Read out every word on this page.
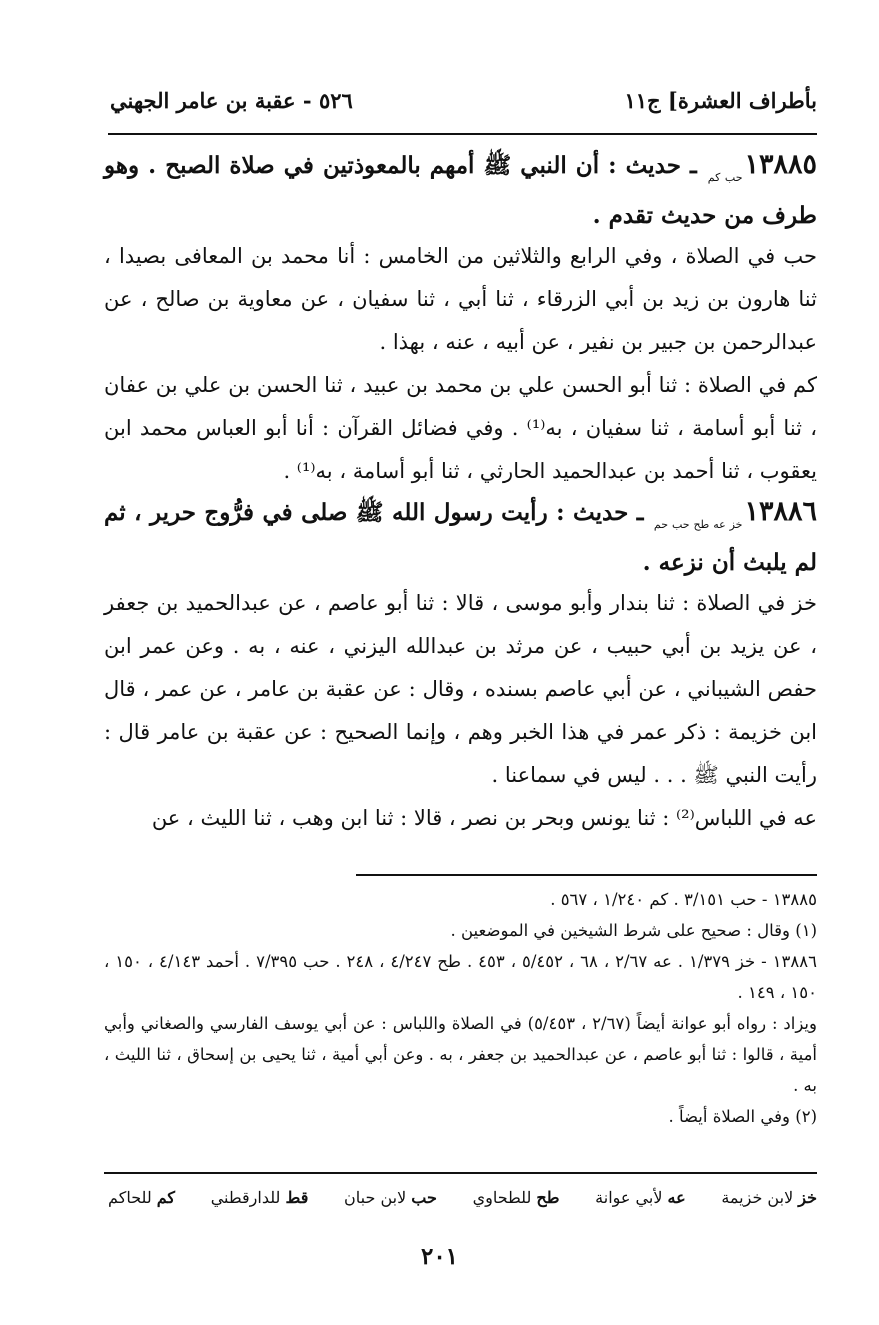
بأطراف العشرة] ج١١
٥٢٦ - عقبة بن عامر الجهني

$١٣٨٨٥_{حب كم}$ ـ حديث : أن النبي ﷺ أمهم بالمعوذتين في صلاة الصبح . وهو طرف من حديث تقدم .

حب في الصلاة ، وفي الرابع والثلاثين من الخامس : أنا محمد بن المعافى بصيدا ، ثنا هارون بن زيد بن أبي الزرقاء ، ثنا أبي ، ثنا سفيان ، عن معاوية بن صالح ، عن عبدالرحمن بن جبير بن نفير ، عن أبيه ، عنه ، بهذا .

كم في الصلاة : ثنا أبو الحسن علي بن محمد بن عبيد ، ثنا الحسن بن علي بن عفان ، ثنا أبو أسامة ، ثنا سفيان ، به⁽¹⁾ . وفي فضائل القرآن : أنا أبو العباس محمد ابن يعقوب ، ثنا أحمد بن عبدالحميد الحارثي ، ثنا أبو أسامة ، به⁽¹⁾ .

$١٣٨٨٦_{خز عه طح حب حم}$ ـ حديث : رأيت رسول الله ﷺ صلى في فرُّوج حرير ، ثم لم يلبث أن نزعه .

خز في الصلاة : ثنا بندار وأبو موسى ، قالا : ثنا أبو عاصم ، عن عبدالحميد بن جعفر ، عن يزيد بن أبي حبيب ، عن مرثد بن عبدالله اليزني ، عنه ، به . وعن عمر ابن حفص الشيباني ، عن أبي عاصم بسنده ، وقال : عن عقبة بن عامر ، عن عمر ، قال ابن خزيمة : ذكر عمر في هذا الخبر وهم ، وإنما الصحيح : عن عقبة بن عامر قال : رأيت النبي ﷺ . . . ليس في سماعنا .

عه في اللباس⁽²⁾ : ثنا يونس وبحر بن نصر ، قالا : ثنا ابن وهب ، ثنا الليث ، عن

١٣٨٨٥ - حب ٣/١٥١ . كم ١/٢٤٠ ، ٥٦٧ .

(١) وقال : صحيح على شرط الشيخين في الموضعين .

١٣٨٨٦ - خز ١/٣٧٩ . عه ٢/٦٧ ، ٦٨ ، ٥/٤٥٢ ، ٤٥٣ . طح ٤/٢٤٧ ، ٢٤٨ . حب ٧/٣٩٥ . أحمد ٤/١٤٣ ، ١٥٠ ، ١٥٠ ، ١٤٩ .

ويزاد : رواه أبو عوانة أيضاً (٢/٦٧ ، ٥/٤٥٣) في الصلاة واللباس : عن أبي يوسف الفارسي والصغاني وأبي أمية ، قالوا : ثنا أبو عاصم ، عن عبدالحميد بن جعفر ، به . وعن أبي أمية ، ثنا يحيى بن إسحاق ، ثنا الليث ، به .

(٢) وفي الصلاة أيضاً .

خز لابن خزيمة
عه لأبي عوانة
طح للطحاوي
حب لابن حبان
قط للدارقطني
كم للحاكم
٢٠١
